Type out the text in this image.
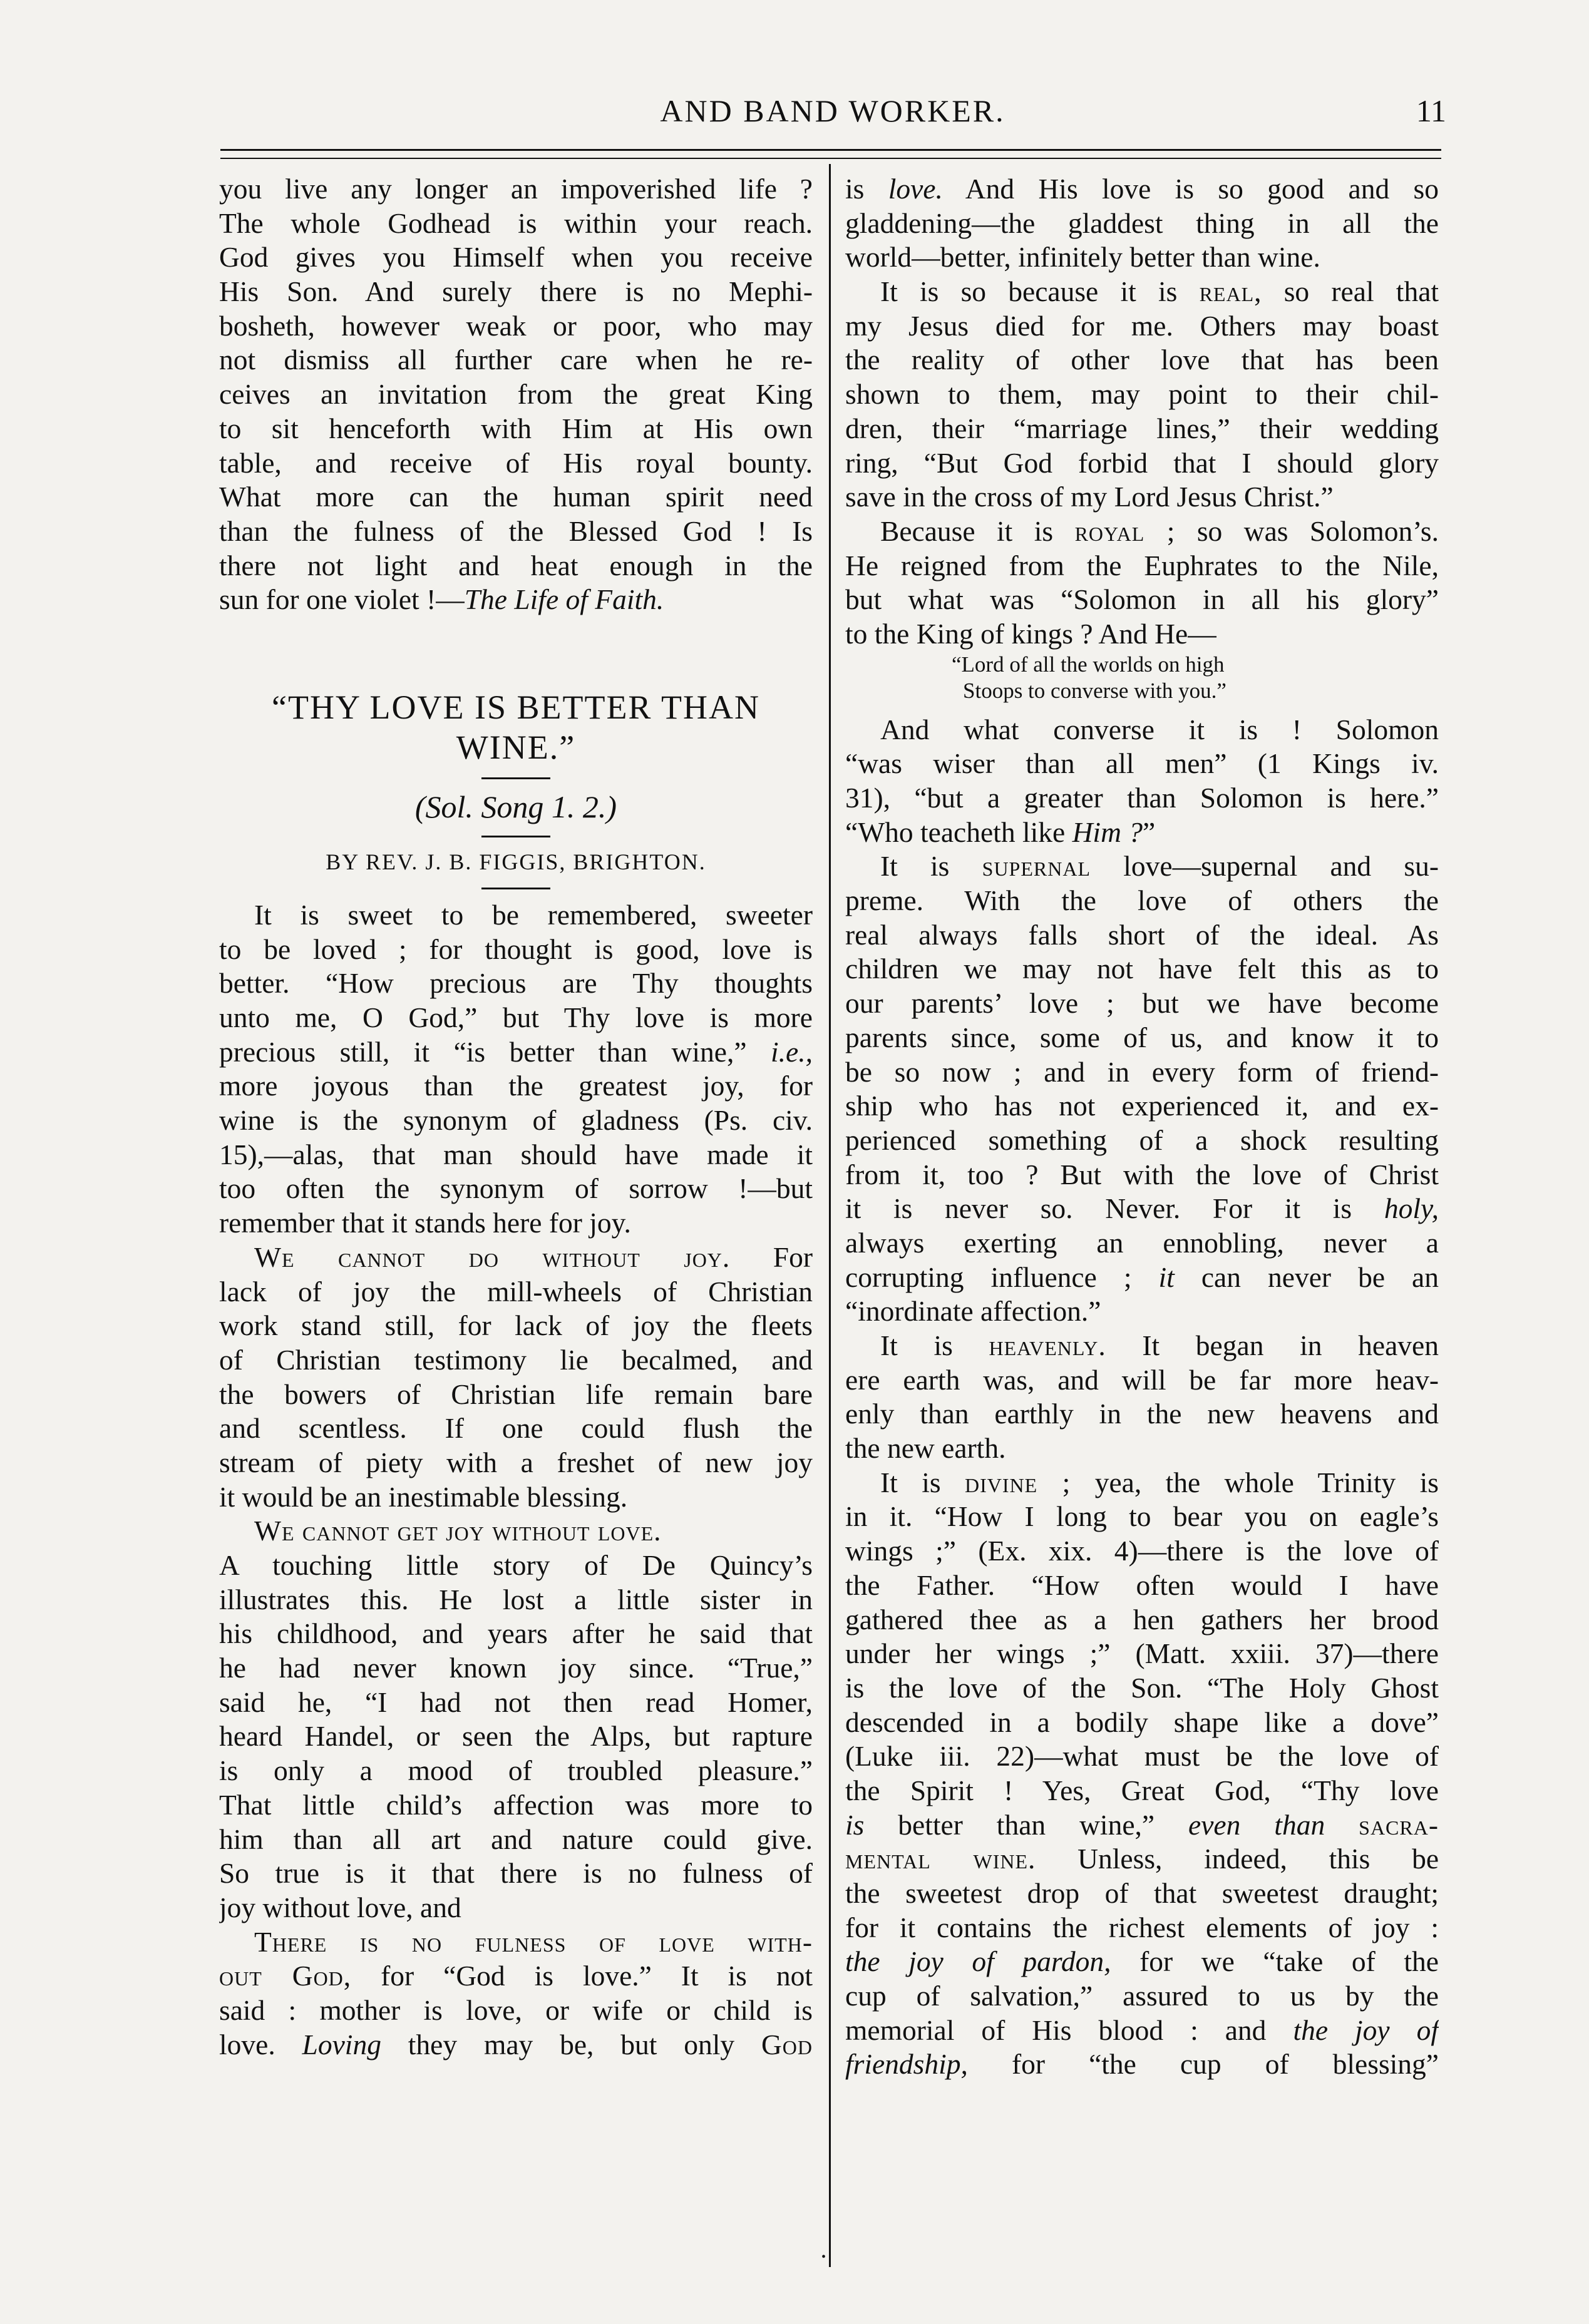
AND BAND WORKER.	11
you live any longer an impoverished life ?
The whole Godhead is within your reach.
God gives you Himself when you receive
His Son. And surely there is no Mephi-
bosheth, however weak or poor, who may
not dismiss all further care when he re-
ceives an invitation from the great King
to sit henceforth with Him at His own
table, and receive of His royal bounty.
What more can the human spirit need
than the fulness of the Blessed God ! Is
there not light and heat enough in the
sun for one violet !—The Life of Faith.
“THY LOVE IS BETTER THAN
WINE.”
(Sol. Song 1. 2.)
BY REV. J. B. FIGGIS, BRIGHTON.
It is sweet to be remembered, sweeter
to be loved ; for thought is good, love is
better. “How precious are Thy thoughts
unto me, O God,” but Thy love is more
precious still, it “is better than wine,” i.e.,
more joyous than the greatest joy, for
wine is the synonym of gladness (Ps. civ.
15),—alas, that man should have made it
too often the synonym of sorrow !—but
remember that it stands here for joy.
We cannot do without joy. For
lack of joy the mill-wheels of Christian
work stand still, for lack of joy the fleets
of Christian testimony lie becalmed, and
the bowers of Christian life remain bare
and scentless. If one could flush the
stream of piety with a freshet of new joy
it would be an inestimable blessing.
We cannot get joy without love.
A touching little story of De Quincy’s
illustrates this. He lost a little sister in
his childhood, and years after he said that
he had never known joy since. “True,”
said he, “I had not then read Homer,
heard Handel, or seen the Alps, but rapture
is only a mood of troubled pleasure.”
That little child’s affection was more to
him than all art and nature could give.
So true is it that there is no fulness of
joy without love, and
There is no fulness of love with-
out God, for “God is love.” It is not
said : mother is love, or wife or child is
love. Loving they may be, but only God
is love. And His love is so good and so
gladdening—the gladdest thing in all the
world—better, infinitely better than wine.
It is so because it is real, so real that
my Jesus died for me. Others may boast
the reality of other love that has been
shown to them, may point to their chil-
dren, their “marriage lines,” their wedding
ring, “But God forbid that I should glory
save in the cross of my Lord Jesus Christ.”
Because it is royal ; so was Solomon’s.
He reigned from the Euphrates to the Nile,
but what was “Solomon in all his glory”
to the King of kings ? And He—
“Lord of all the worlds on high
Stoops to converse with you.”
And what converse it is ! Solomon
“was wiser than all men” (1 Kings iv.
31), “but a greater than Solomon is here.”
“Who teacheth like Him ?”
It is supernal love—supernal and su-
preme. With the love of others the
real always falls short of the ideal. As
children we may not have felt this as to
our parents’ love ; but we have become
parents since, some of us, and know it to
be so now ; and in every form of friend-
ship who has not experienced it, and ex-
perienced something of a shock resulting
from it, too ? But with the love of Christ
it is never so. Never. For it is holy,
always exerting an ennobling, never a
corrupting influence ; it can never be an
“inordinate affection.”
It is heavenly. It began in heaven
ere earth was, and will be far more heav-
enly than earthly in the new heavens and
the new earth.
It is divine ; yea, the whole Trinity is
in it. “How I long to bear you on eagle’s
wings ;” (Ex. xix. 4)—there is the love of
the Father. “How often would I have
gathered thee as a hen gathers her brood
under her wings ;” (Matt. xxiii. 37)—there
is the love of the Son. “The Holy Ghost
descended in a bodily shape like a dove”
(Luke iii. 22)—what must be the love of
the Spirit ! Yes, Great God, “Thy love
is better than wine,” even than sacra-
mental wine. Unless, indeed, this be
the sweetest drop of that sweetest draught;
for it contains the richest elements of joy :
the joy of pardon, for we “take of the
cup of salvation,” assured to us by the
memorial of His blood : and the joy of
friendship, for “the cup of blessing”
•
